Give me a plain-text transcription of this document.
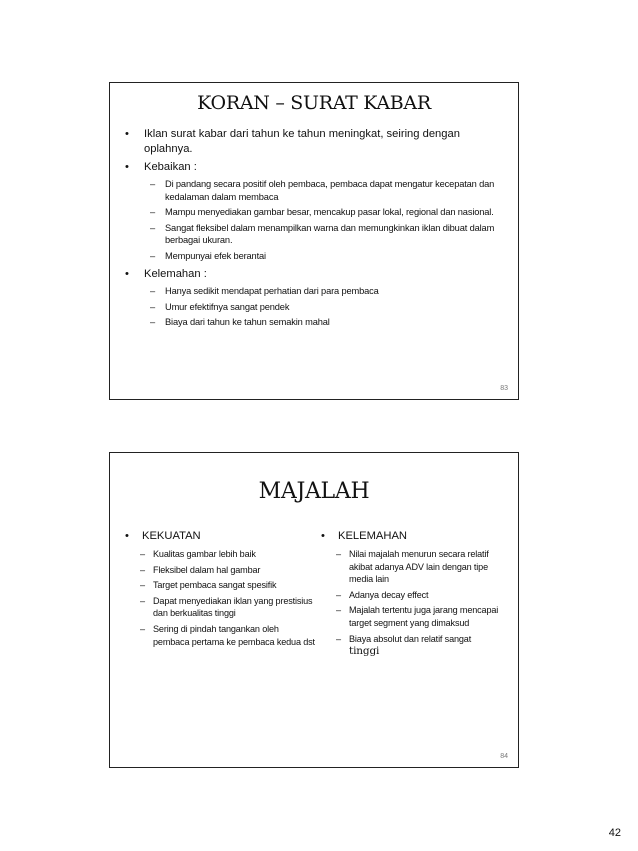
KORAN – SURAT KABAR
•	Iklan surat kabar dari tahun ke tahun meningkat, seiring dengan oplahnya.
•	Kebaikan :
– Di pandang secara positif oleh pembaca, pembaca dapat mengatur kecepatan dan kedalaman dalam membaca
– Mampu menyediakan gambar besar, mencakup pasar lokal, regional dan nasional.
– Sangat fleksibel dalam menampilkan warna dan memungkinkan iklan dibuat dalam berbagai ukuran.
– Mempunyai efek berantai
•	Kelemahan :
– Hanya sedikit mendapat perhatian dari para pembaca
– Umur efektifnya sangat pendek
– Biaya dari tahun ke tahun semakin mahal
83
MAJALAH
•	KEKUATAN
– Kualitas gambar lebih baik
– Fleksibel dalam hal gambar
– Target pembaca sangat spesifik
– Dapat menyediakan iklan yang prestisius dan berkualitas tinggi
– Sering di pindah tangankan oleh pembaca pertama ke pembaca kedua dst
•	KELEMAHAN
– Nilai majalah menurun secara relatif akibat adanya ADV lain dengan tipe media lain
– Adanya decay effect
– Majalah tertentu juga jarang mencapai target segment yang dimaksud
– Biaya absolut dan relatif sangat
tinggi
84
42
